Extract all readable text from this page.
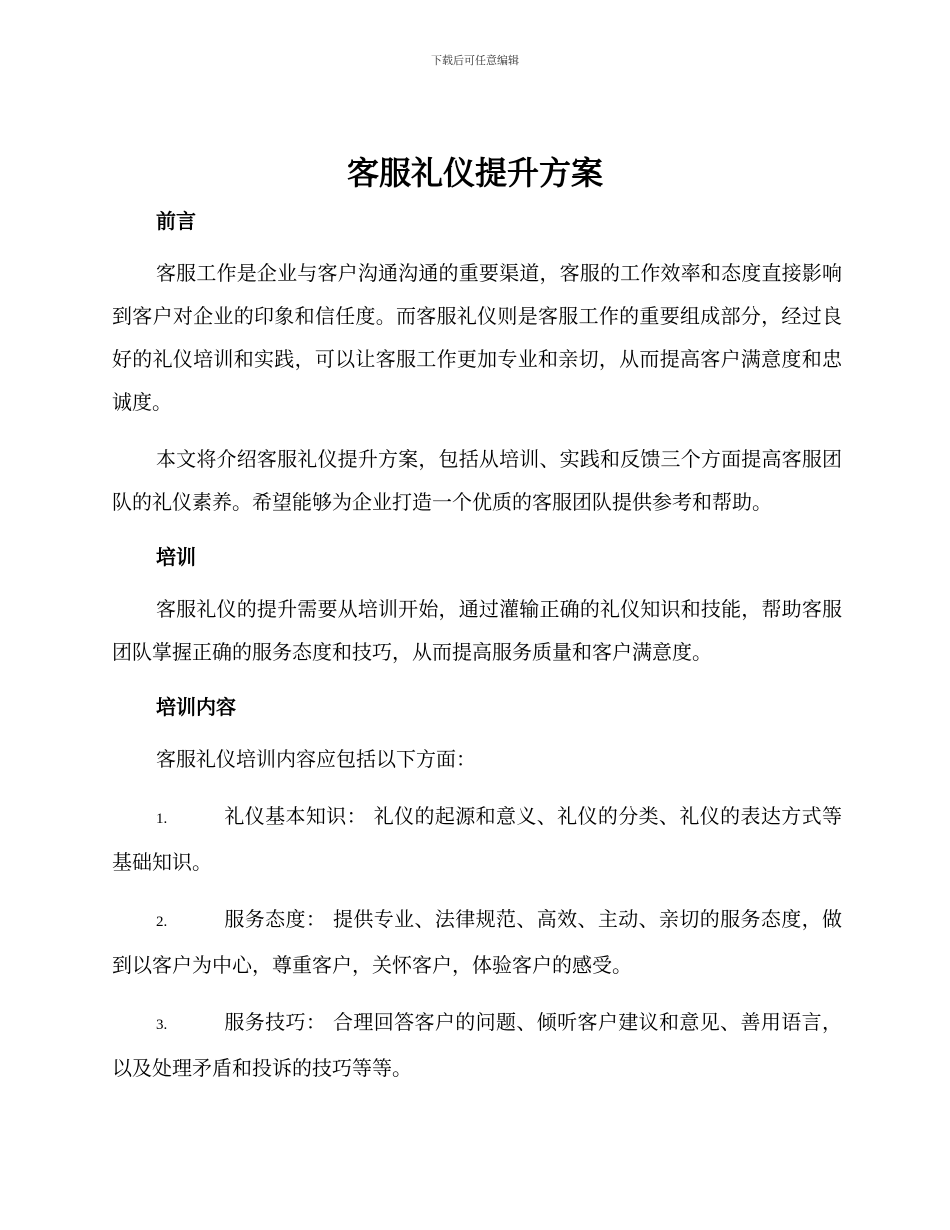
下载后可任意编辑
客服礼仪提升方案

前言

客服工作是企业与客户沟通沟通的重要渠道，客服的工作效率和态度直接影响到客户对企业的印象和信任度。而客服礼仪则是客服工作的重要组成部分，经过良好的礼仪培训和实践，可以让客服工作更加专业和亲切，从而提高客户满意度和忠诚度。

本文将介绍客服礼仪提升方案，包括从培训、实践和反馈三个方面提高客服团队的礼仪素养。希望能够为企业打造一个优质的客服团队提供参考和帮助。

培训

客服礼仪的提升需要从培训开始，通过灌输正确的礼仪知识和技能，帮助客服团队掌握正确的服务态度和技巧，从而提高服务质量和客户满意度。

培训内容

客服礼仪培训内容应包括以下方面：

1.	礼仪基本知识： 礼仪的起源和意义、礼仪的分类、礼仪的表达方式等基础知识。

2.	服务态度： 提供专业、法律规范、高效、主动、亲切的服务态度，做到以客户为中心，尊重客户，关怀客户，体验客户的感受。

3.	服务技巧： 合理回答客户的问题、倾听客户建议和意见、善用语言，以及处理矛盾和投诉的技巧等等。
